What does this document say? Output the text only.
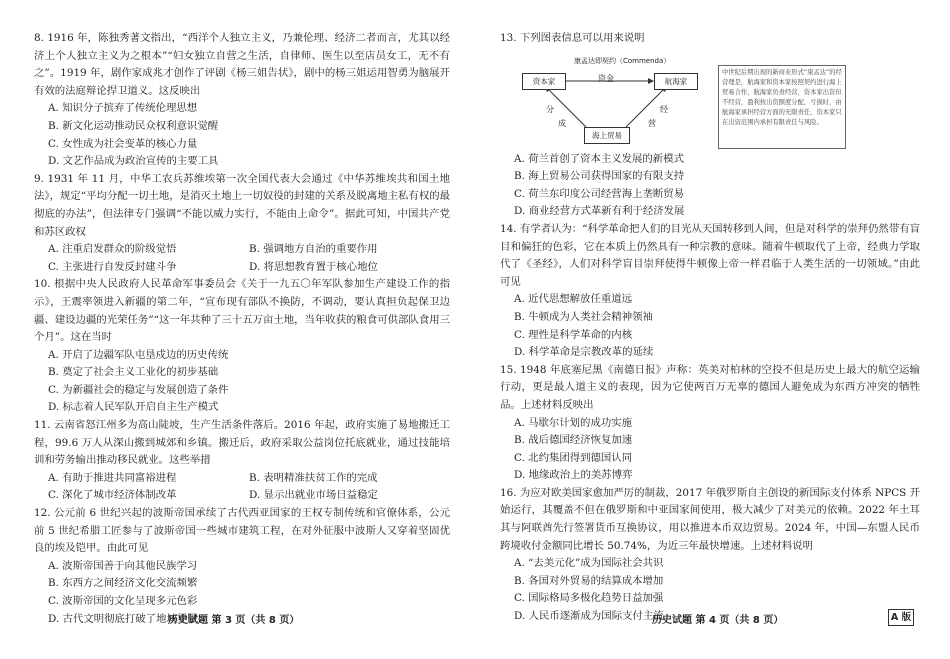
8. 1916 年，陈独秀著文指出，“西洋个人独立主义，乃兼伦理、经济二者而言，尤其以经济上个人独立主义为之根本”“妇女独立自营之生活，自律师、医生以至店员女工，无不有之”。1919 年，剧作家成兆才创作了评剧《杨三姐告状》，剧中的杨三姐运用智勇为脑展开有效的法庭辩论捍卫道义。这反映出
A. 知识分子摈弃了传统伦理思想
B. 新文化运动推动民众权利意识觉醒
C. 女性成为社会变革的核心力量
D. 文艺作品成为政治宣传的主要工具
9. 1931 年 11 月，中华工农兵苏维埃第一次全国代表大会通过《中华苏维埃共和国土地法》，规定“平均分配一切土地，是消灭土地上一切奴役的封建的关系及脱离地主私有权的最彻底的办法”，但法律专门强调“不能以威力实行，不能由上命令”。据此可知，中国共产党和苏区政权
A. 注重启发群众的阶级觉悟	B. 强调地方自治的重要作用
C. 主张进行自发反封建斗争	D. 将思想教育置于核心地位
10. 根据中央人民政府人民革命军事委员会《关于一九五〇年军队参加生产建设工作的指示》，王震率领进入新疆的第二年，“宣布现有部队不换防，不调动，要认真担负起保卫边疆、建设边疆的光荣任务”“这一年共种了三十五万亩土地，当年收获的粮食可供部队食用三个月”。这在当时
A. 开启了边疆军队屯垦戍边的历史传统
B. 奠定了社会主义工业化的初步基础
C. 为新疆社会的稳定与发展创造了条件
D. 标志着人民军队开启自主生产模式
11. 云南省怒江州多为高山陡坡，生产生活条件落后。2016 年起，政府实施了易地搬迁工程，99.6 万人从深山搬到城郊和乡镇。搬迁后，政府采取公益岗位托底就业，通过技能培训和劳务输出推动移民就业。这些举措
A. 有助于推进共同富裕进程	B. 表明精准扶贫工作的完成
C. 深化了城市经济体制改革	D. 显示出就业市场日益稳定
12. 公元前 6 世纪兴起的波斯帝国承续了古代西亚国家的王权专制传统和官僚体系，公元前 5 世纪希腊工匠参与了波斯帝国一些城市建筑工程，在对外征服中波斯人又穿着坚固优良的埃及铠甲。由此可见
A. 波斯帝国善于向其他民族学习
B. 东西方之间经济文化交流频繁
C. 波斯帝国的文化呈现多元色彩
D. 古代文明彻底打破了地域界限
历史试题 第 3 页（共 8 页）
13. 下列图表信息可以用来说明
康孟达即契约（Commenda）
资本家	航海家
海上贸易
资金
分
成
经
营
中世纪后期出现的新商业形式“康孟达”的经营理是，航海家和资本家按照契约进行海上贸易合作，航海家负责经营，资本家出资但不经营，盈利按出资额度分配，亏损时，由航海家承担经营方面的无限责任，资本家只在出资范围内承担有限责任与风险。
A. 荷兰首创了资本主义发展的新模式
B. 海上贸易公司获得国家的有限支持
C. 荷兰东印度公司经营海上垄断贸易
D. 商业经营方式革新有利于经济发展
14. 有学者认为：“科学革命把人们的目光从天国转移到人间，但是对科学的崇拜仍然带有盲目和偏狂的色彩，它在本质上仍然具有一种宗教的意味。随着牛顿取代了上帝，经典力学取代了《圣经》，人们对科学盲目崇拜使得牛顿像上帝一样君临于人类生活的一切领域。”由此可见
A. 近代思想解放任重道远
B. 牛顿成为人类社会精神领袖
C. 理性是科学革命的内核
D. 科学革命是宗教改革的延续
15. 1948 年底塞尼黑《南德日报》声称：英美对柏林的空投不但是历史上最大的航空运输行动，更是最人道主义的表现，因为它使两百万无辜的德国人避免成为东西方冲突的牺牲品。上述材料反映出
A. 马歇尔计划的成功实施
B. 战后德国经济恢复加速
C. 北约集团得到德国认同
D. 地缘政治上的美苏博弈
16. 为应对欧美国家愈加严厉的制裁，2017 年俄罗斯自主创设的新国际支付体系 NPCS 开始运行，其覆盖不但在俄罗斯和中亚国家间使用，极大减少了对美元的依赖。2022 年土耳其与阿联酋先行签署货币互换协议，用以推进本币双边贸易。2024 年，中国—东盟人民币跨境收付金额同比增长 50.74%，为近三年最快增速。上述材料说明
A. “去美元化”成为国际社会共识
B. 各国对外贸易的结算成本增加
C. 国际格局多极化趋势日益加强
D. 人民币逐渐成为国际支付主流
历史试题 第 4 页（共 8 页）	A 版
